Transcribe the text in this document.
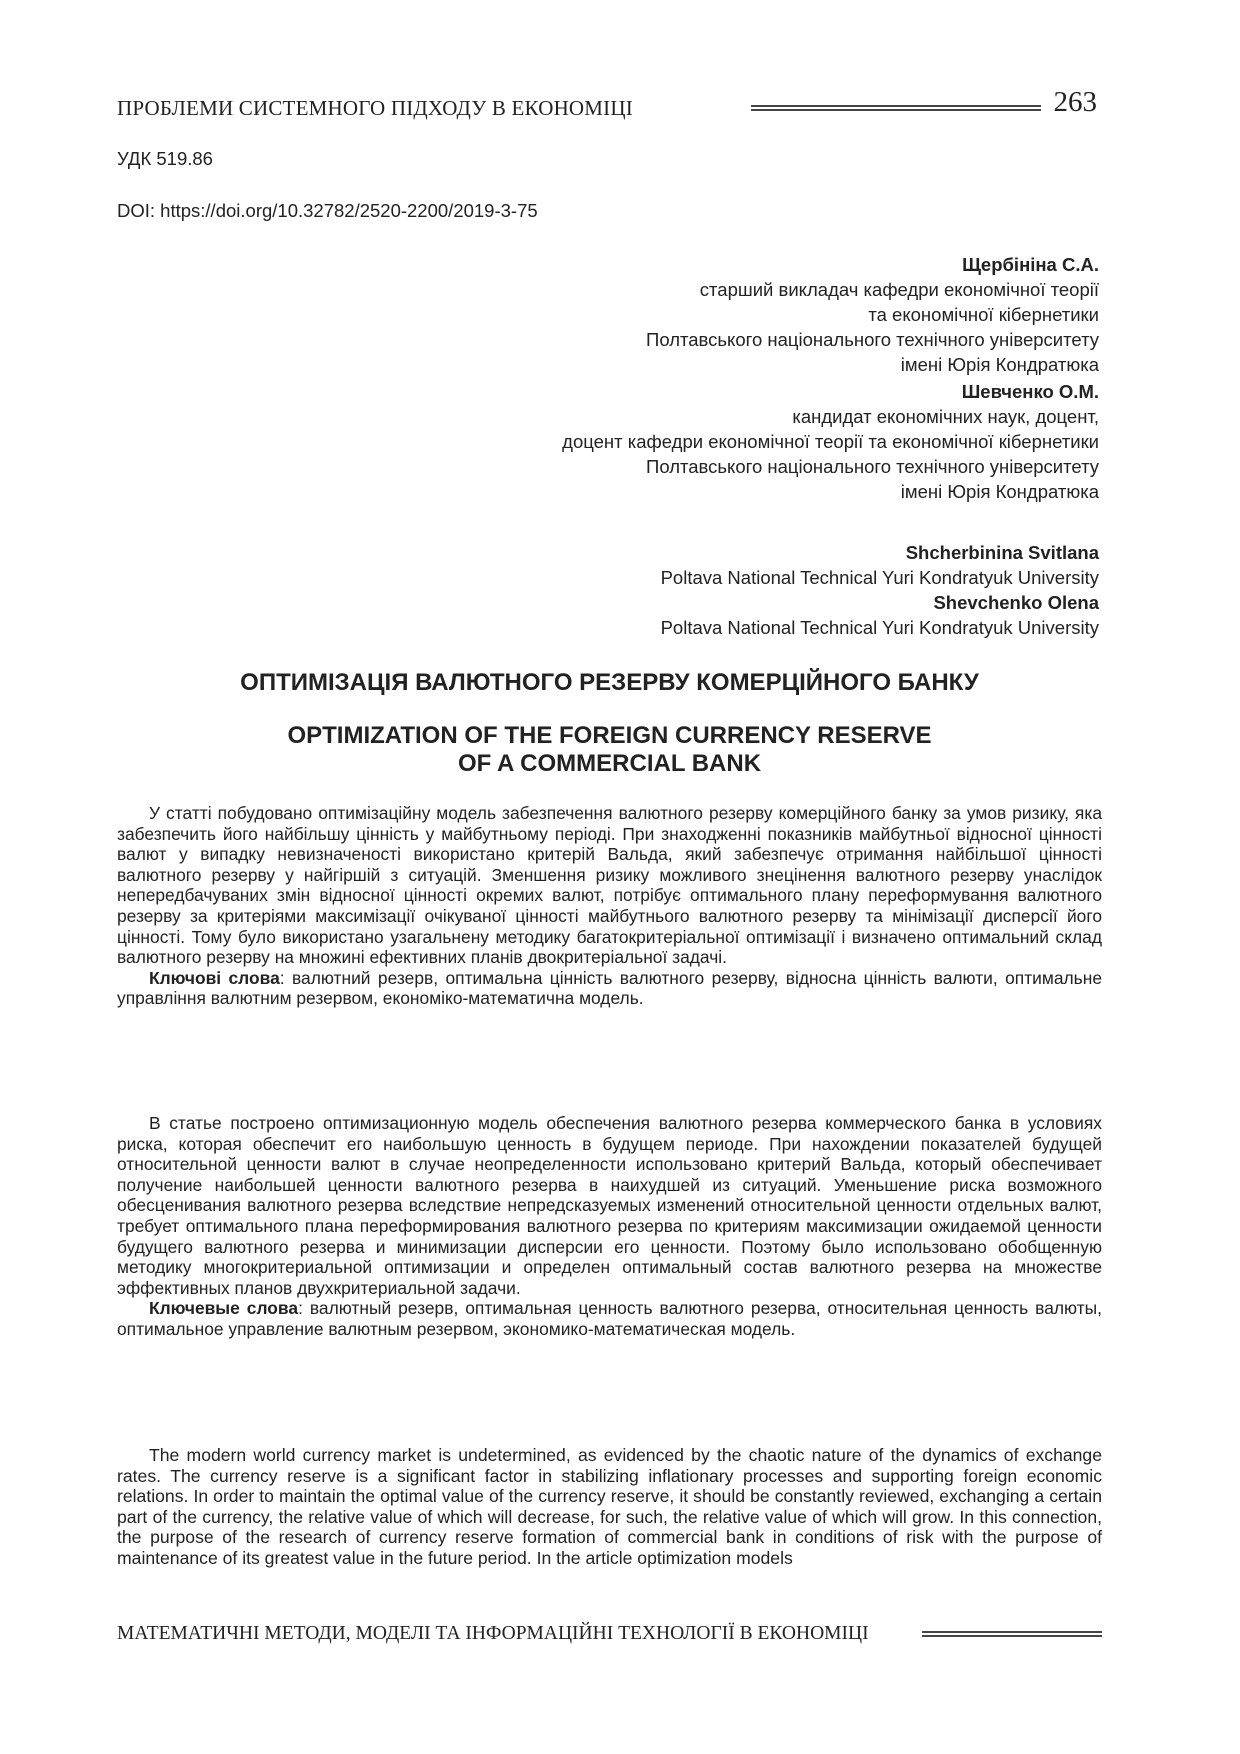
ПРОБЛЕМИ СИСТЕМНОГО ПІДХОДУ В ЕКОНОМІЦІ	263
УДК 519.86
DOI: https://doi.org/10.32782/2520-2200/2019-3-75
Щербініна С.А.
старший викладач кафедри економічної теорії
та економічної кібернетики
Полтавського національного технічного університету
імені Юрія Кондратюка
Шевченко О.М.
кандидат економічних наук, доцент,
доцент кафедри економічної теорії та економічної кібернетики
Полтавського національного технічного університету
імені Юрія Кондратюка
Shcherbinina Svitlana
Poltava National Technical Yuri Kondratyuk University
Shevchenko Olena
Poltava National Technical Yuri Kondratyuk University
ОПТИМІЗАЦІЯ ВАЛЮТНОГО РЕЗЕРВУ КОМЕРЦІЙНОГО БАНКУ
OPTIMIZATION OF THE FOREIGN CURRENCY RESERVE
OF A COMMERCIAL BANK

У статті побудовано оптимізаційну модель забезпечення валютного резерву комерційного банку за умов ризику, яка забезпечить його найбільшу цінність у майбутньому періоді. При знаходженні показників майбутньої відносної цінності валют у випадку невизначеності використано критерій Вальда, який забезпечує отримання найбільшої цінності валютного резерву у найгіршій з ситуацій. Зменшення ризику можливого знецінення валютного резерву унаслідок непередбачуваних змін відносної цінності окремих валют, потрібує оптимального плану переформування валютного резерву за критеріями максимізації очікуваної цінності майбутнього валютного резерву та мінімізації дисперсії його цінності. Тому було використано узагальнену методику багатокритеріальної оптимізації і визначено оптимальний склад валютного резерву на множині ефективних планів двокритеріальної задачі.

Ключові слова: валютний резерв, оптимальна цінність валютного резерву, відносна цінність валюти, оптимальне управління валютним резервом, економіко-математична модель.

В статье построено оптимизационную модель обеспечения валютного резерва коммерческого банка в условиях риска, которая обеспечит его наибольшую ценность в будущем периоде. При нахождении показателей будущей относительной ценности валют в случае неопределенности использовано критерий Вальда, который обеспечивает получение наибольшей ценности валютного резерва в наихудшей из ситуаций. Уменьшение риска возможного обесценивания валютного резерва вследствие непредсказуемых изменений относительной ценности отдельных валют, требует оптимального плана переформирования валютного резерва по критериям максимизации ожидаемой ценности будущего валютного резерва и минимизации дисперсии его ценности. Поэтому было использовано обобщенную методику многокритериальной оптимизации и определен оптимальный состав валютного резерва на множестве эффективных планов двухкритериальной задачи.

Ключевые слова: валютный резерв, оптимальная ценность валютного резерва, относительная ценность валюты, оптимальное управление валютным резервом, экономико-математическая модель.

The modern world currency market is undetermined, as evidenced by the chaotic nature of the dynamics of exchange rates. The currency reserve is a significant factor in stabilizing inflationary processes and supporting foreign economic relations. In order to maintain the optimal value of the currency reserve, it should be constantly reviewed, exchanging a certain part of the currency, the relative value of which will decrease, for such, the relative value of which will grow. In this connection, the purpose of the research of currency reserve formation of commercial bank in conditions of risk with the purpose of maintenance of its greatest value in the future period. In the article optimization models

МАТЕМАТИЧНІ МЕТОДИ, МОДЕЛІ ТА ІНФОРМАЦІЙНІ ТЕХНОЛОГІЇ В ЕКОНОМІЦІ
